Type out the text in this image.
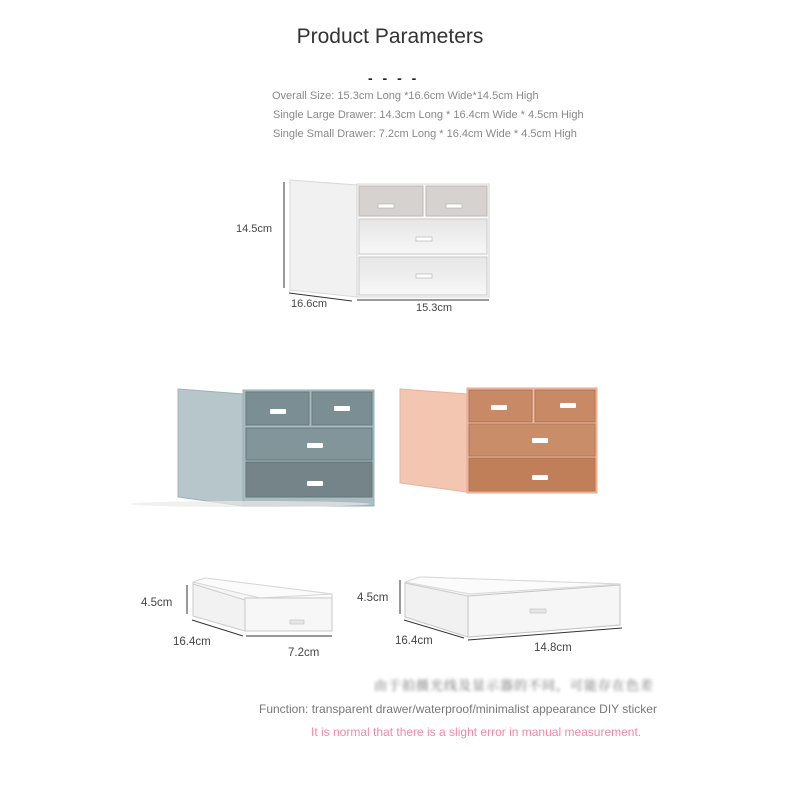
Product Parameters
- - - -
Overall Size: 15.3cm Long *16.6cm Wide*14.5cm High
Single Large Drawer: 14.3cm Long * 16.4cm Wide * 4.5cm High
Single Small Drawer: 7.2cm Long * 16.4cm Wide * 4.5cm High
14.5cm
16.6cm	15.3cm
4.5cm
16.4cm
7.2cm
4.5cm
16.4cm
14.8cm
由于拍摄光线及显示器的不同，可能存在色差
Function: transparent drawer/waterproof/minimalist appearance DIY sticker
It is normal that there is a slight error in manual measurement.
